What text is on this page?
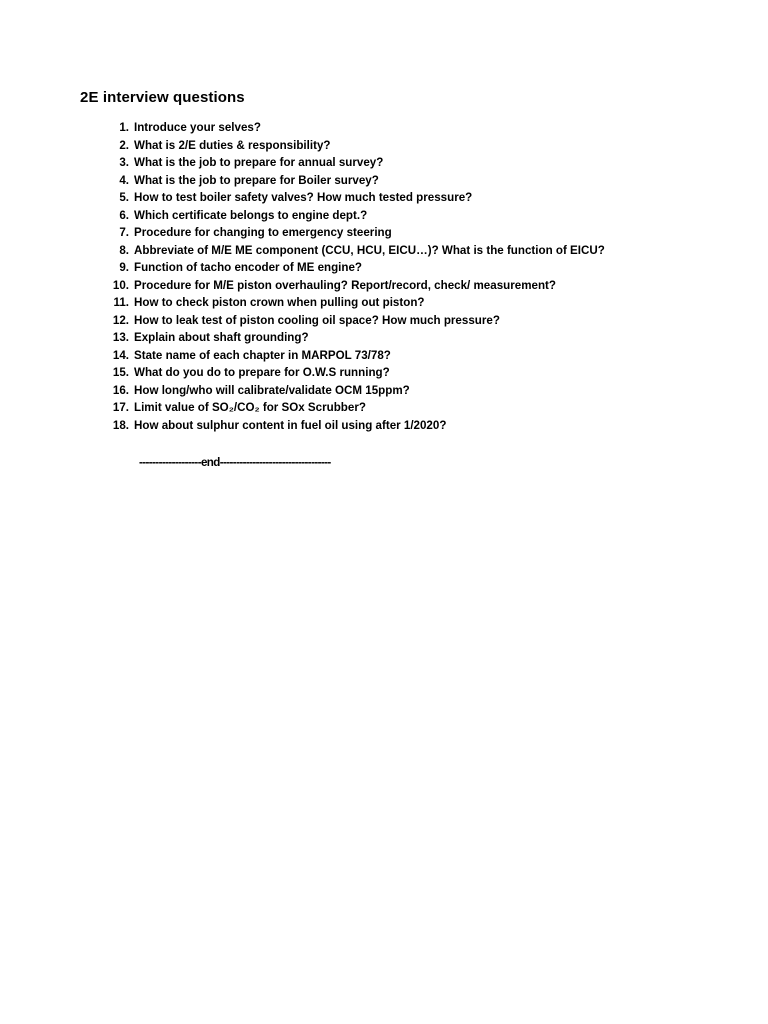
2E interview questions
1. Introduce your selves?
2. What is 2/E duties & responsibility?
3. What is the job to prepare for annual survey?
4. What is the job to prepare for Boiler survey?
5. How to test boiler safety valves? How much tested pressure?
6. Which certificate belongs to engine dept.?
7. Procedure for changing to emergency steering
8. Abbreviate of M/E ME component (CCU, HCU, EICU…)? What is the function of EICU?
9. Function of tacho encoder of ME engine?
10. Procedure for M/E piston overhauling? Report/record, check/ measurement?
11. How to check piston crown when pulling out piston?
12. How to leak test of piston cooling oil space? How much pressure?
13. Explain about shaft grounding?
14. State name of each chapter in MARPOL 73/78?
15. What do you do to prepare for O.W.S running?
16. How long/who will calibrate/validate OCM 15ppm?
17. Limit value of SO₂/CO₂ for SOx Scrubber?
18. How about sulphur content in fuel oil using after 1/2020?
-------------------end----------------------------------
